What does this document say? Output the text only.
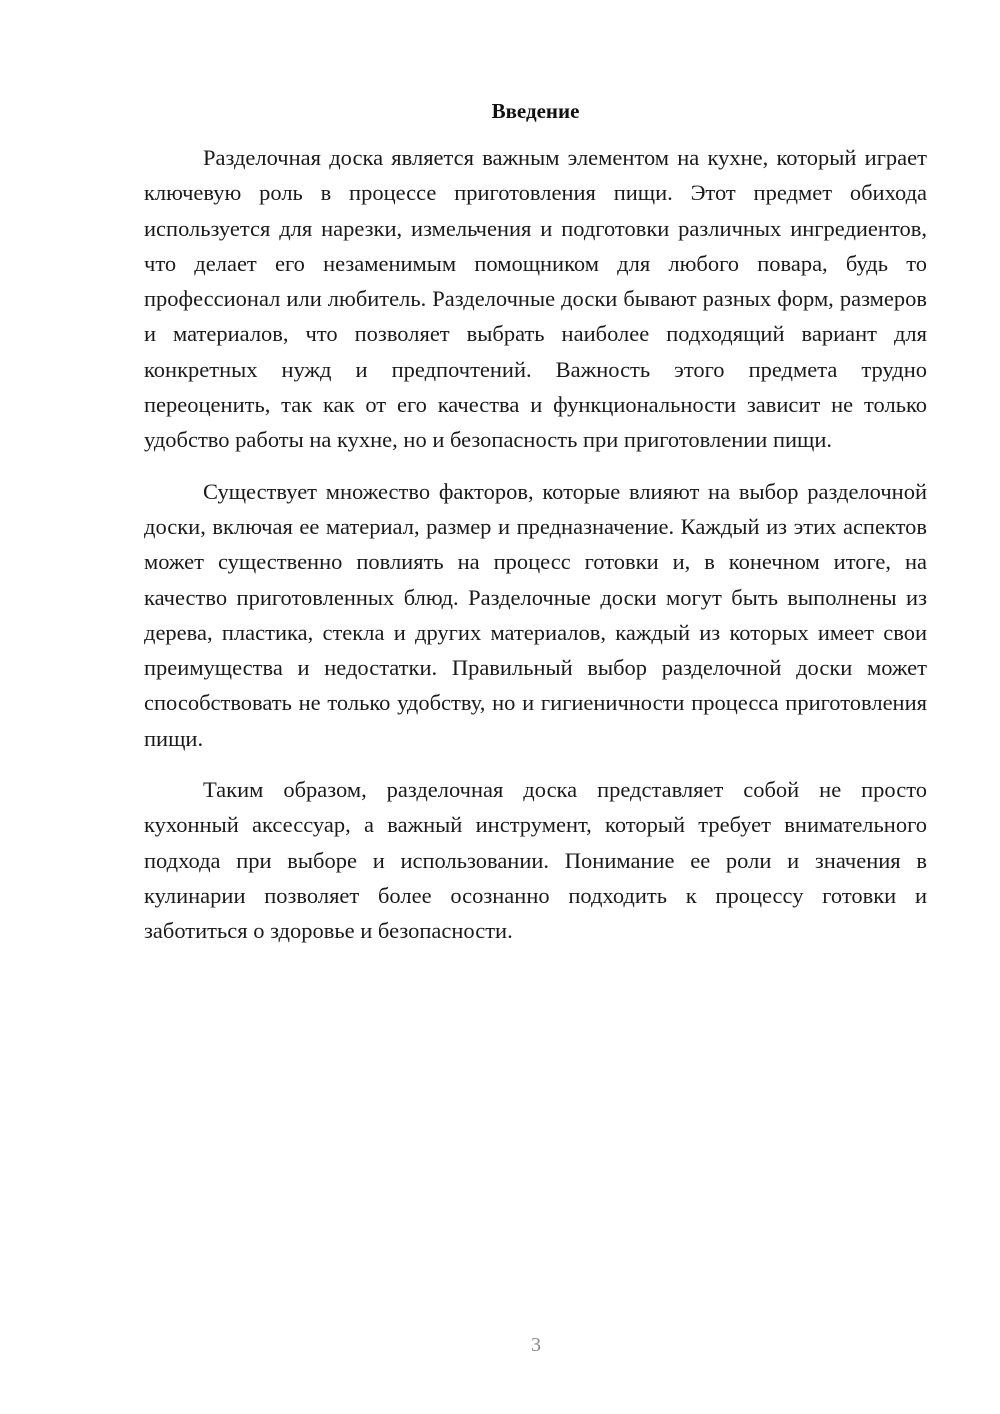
Введение

Разделочная доска является важным элементом на кухне, который играет ключевую роль в процессе приготовления пищи. Этот предмет обихода используется для нарезки, измельчения и подготовки различных ингредиентов, что делает его незаменимым помощником для любого повара, будь то профессионал или любитель. Разделочные доски бывают разных форм, размеров и материалов, что позволяет выбрать наиболее подходящий вариант для конкретных нужд и предпочтений. Важность этого предмета трудно переоценить, так как от его качества и функциональности зависит не только удобство работы на кухне, но и безопасность при приготовлении пищи.

Существует множество факторов, которые влияют на выбор разделочной доски, включая ее материал, размер и предназначение. Каждый из этих аспектов может существенно повлиять на процесс готовки и, в конечном итоге, на качество приготовленных блюд. Разделочные доски могут быть выполнены из дерева, пластика, стекла и других материалов, каждый из которых имеет свои преимущества и недостатки. Правильный выбор разделочной доски может способствовать не только удобству, но и гигиеничности процесса приготовления пищи.

Таким образом, разделочная доска представляет собой не просто кухонный аксессуар, а важный инструмент, который требует внимательного подхода при выборе и использовании. Понимание ее роли и значения в кулинарии позволяет более осознанно подходить к процессу готовки и заботиться о здоровье и безопасности.

3
